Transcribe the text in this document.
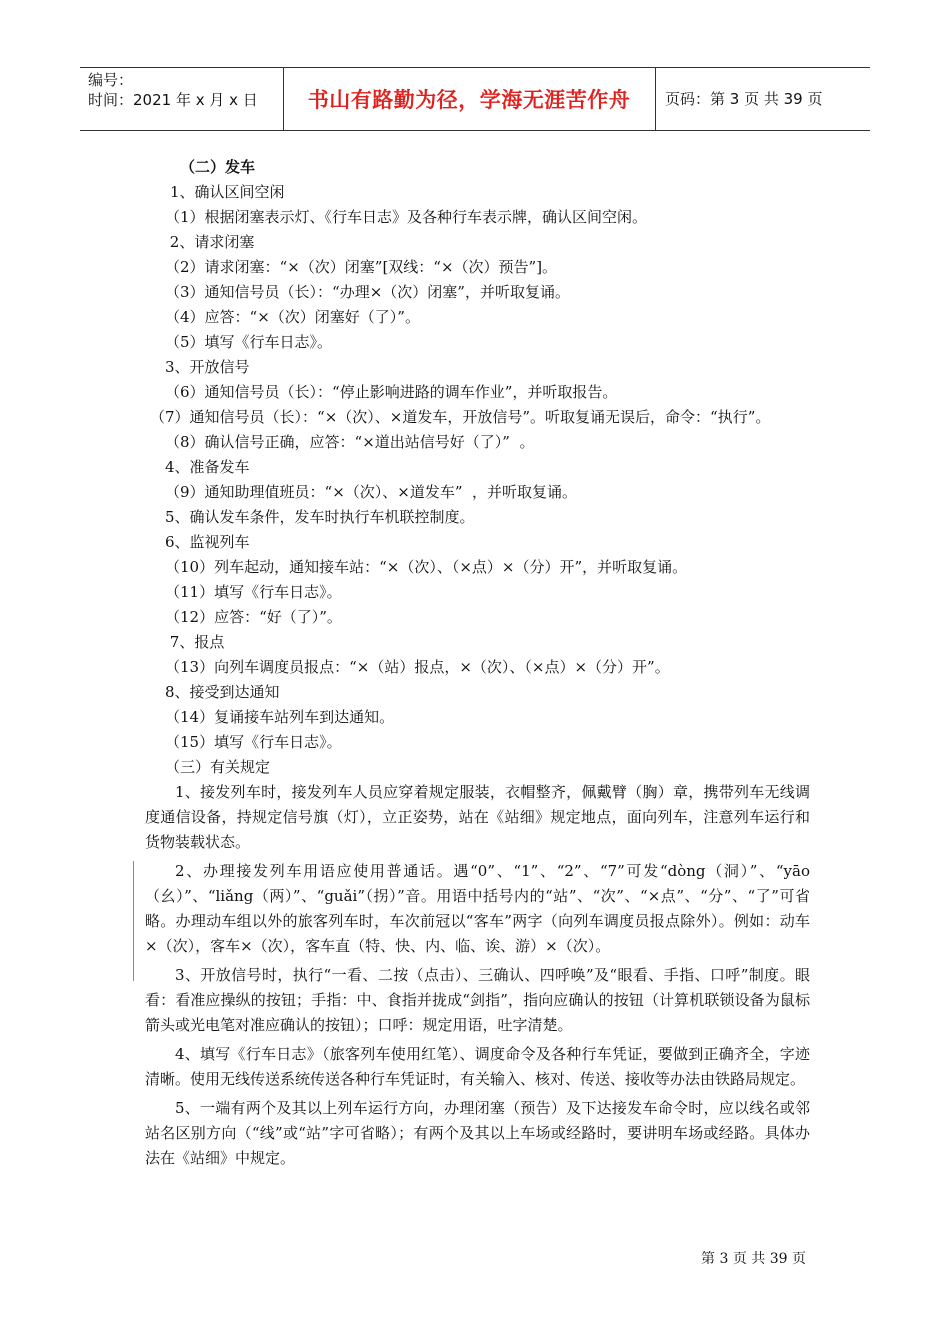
编号：
时间：2021 年 x 月 x 日	书山有路勤为径，学海无涯苦作舟	页码：第 3 页 共 39 页

（二）发车

1、确认区间空闲

（1）根据闭塞表示灯、《行车日志》及各种行车表示牌，确认区间空闲。

2、请求闭塞

（2）请求闭塞：“×（次）闭塞”[双线：“×（次）预告”]。

（3）通知信号员（长）：“办理×（次）闭塞”，并听取复诵。

（4）应答：“×（次）闭塞好（了）”。

（5）填写《行车日志》。

3、开放信号

（6）通知信号员（长）：“停止影响进路的调车作业”，并听取报告。

（7）通知信号员（长）：“×（次）、×道发车，开放信号”。听取复诵无误后，命令：“执行”。

（8）确认信号正确，应答：“×道出站信号好（了）”  。

4、准备发车

（9）通知助理值班员：“×（次）、×道发车”  ，并听取复诵。

5、确认发车条件，发车时执行车机联控制度。

6、监视列车

（10）列车起动，通知接车站：“×（次）、（×点）×（分）开”，并听取复诵。

（11）填写《行车日志》。

（12）应答：“好（了）”。

7、报点

（13）向列车调度员报点：“×（站）报点，×（次）、（×点）×（分）开”。

8、接受到达通知

（14）复诵接车站列车到达通知。

（15）填写《行车日志》。

（三）有关规定

1、接发列车时，接发列车人员应穿着规定服装，衣帽整齐，佩戴臂（胸）章，携带列车无线调度通信设备，持规定信号旗（灯），立正姿势，站在《站细》规定地点，面向列车，注意列车运行和货物装载状态。

2、办理接发列车用语应使用普通话。遇“0”、“1”、“2”、“7”可发“dòng（洞）”、“yāo（幺）”、“liǎng（两）”、“guǎi”（拐）”音。用语中括号内的“站”、“次”、“×点”、“分”、“了”可省略。办理动车组以外的旅客列车时，车次前冠以“客车”两字（向列车调度员报点除外）。例如：动车×（次），客车×（次），客车直（特、快、内、临、诶、游）×（次）。

3、开放信号时，执行“一看、二按（点击）、三确认、四呼唤”及“眼看、手指、口呼”制度。眼看：看准应操纵的按钮；手指：中、食指并拢成“剑指”，指向应确认的按钮（计算机联锁设备为鼠标箭头或光电笔对准应确认的按钮）；口呼：规定用语，吐字清楚。

4、填写《行车日志》（旅客列车使用红笔）、调度命令及各种行车凭证，要做到正确齐全，字迹清晰。使用无线传送系统传送各种行车凭证时，有关输入、核对、传送、接收等办法由铁路局规定。

5、一端有两个及其以上列车运行方向，办理闭塞（预告）及下达接发车命令时，应以线名或邻站名区别方向（“线”或“站”字可省略）；有两个及其以上车场或经路时，要讲明车场或经路。具体办法在《站细》中规定。

第 3 页 共 39 页
